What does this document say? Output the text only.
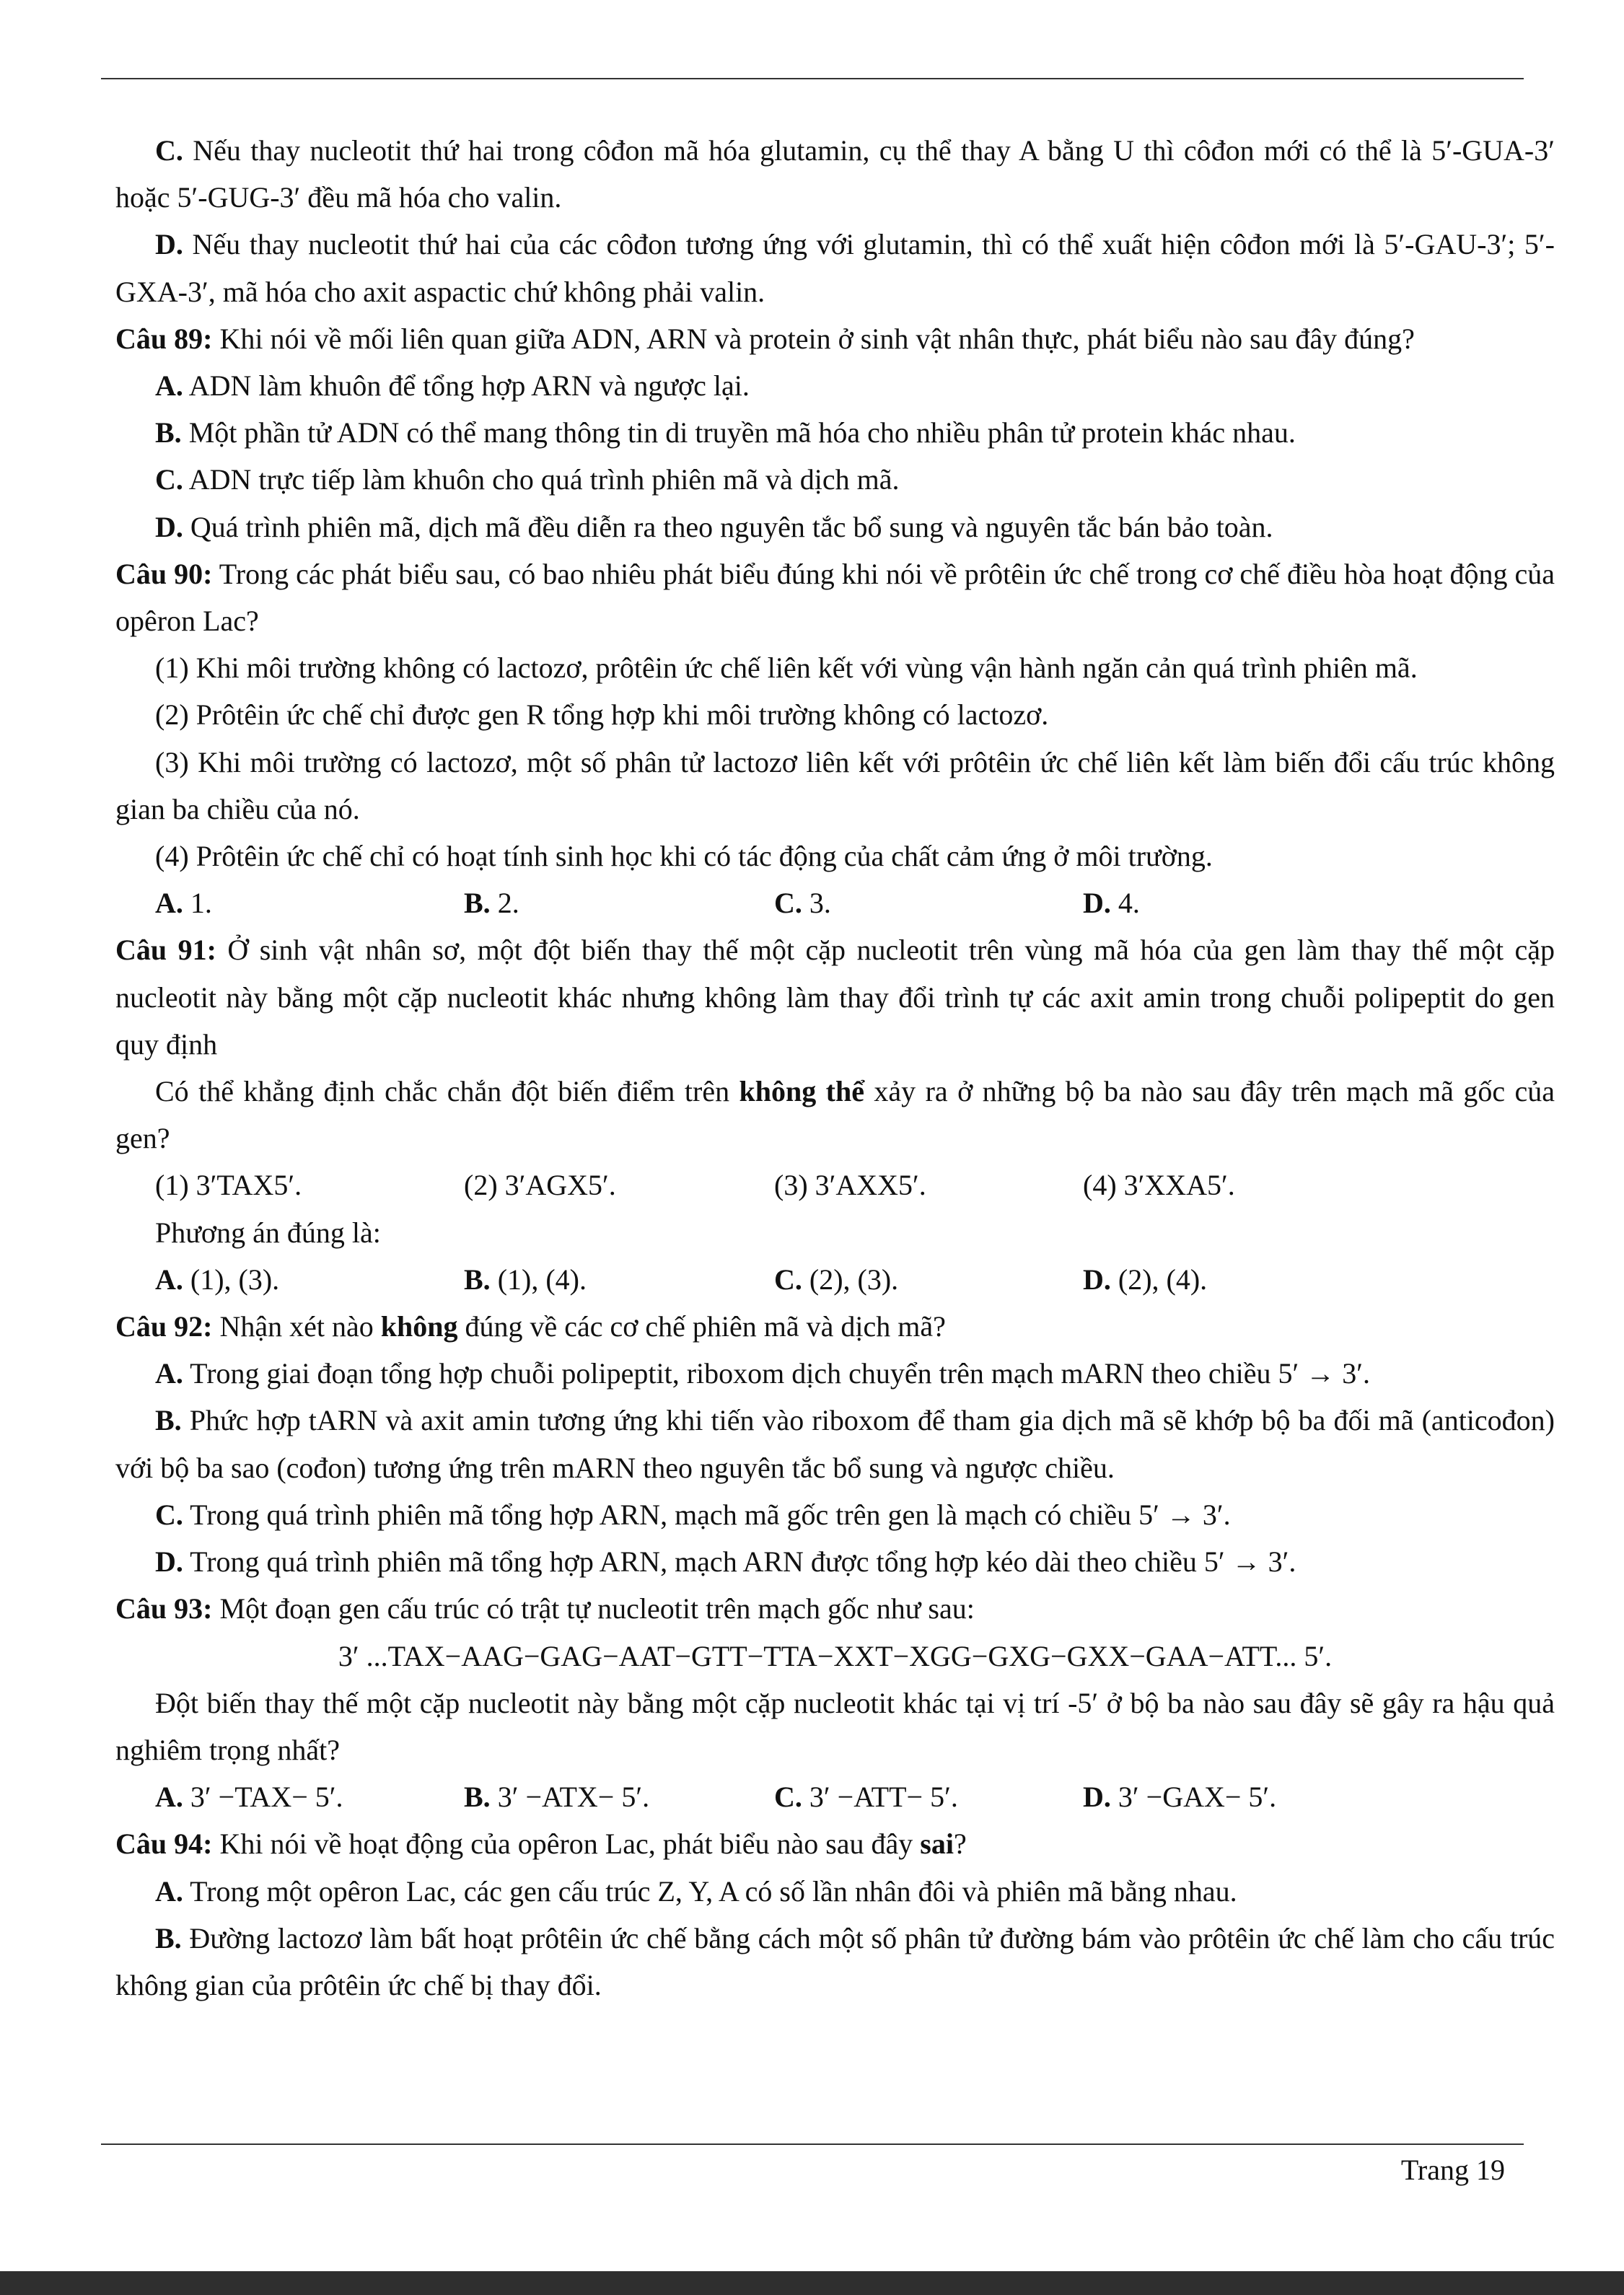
C. Nếu thay nucleotit thứ hai trong côđon mã hóa glutamin, cụ thể thay A bằng U thì côđon mới có thể là 5′-GUA-3′ hoặc 5′-GUG-3′ đều mã hóa cho valin.

D. Nếu thay nucleotit thứ hai của các côđon tương ứng với glutamin, thì có thể xuất hiện côđon mới là 5′-GAU-3′; 5′-GXA-3′, mã hóa cho axit aspactic chứ không phải valin.

Câu 89: Khi nói về mối liên quan giữa ADN, ARN và protein ở sinh vật nhân thực, phát biểu nào sau đây đúng?

A. ADN làm khuôn để tổng hợp ARN và ngược lại.

B. Một phần tử ADN có thể mang thông tin di truyền mã hóa cho nhiều phân tử protein khác nhau.

C. ADN trực tiếp làm khuôn cho quá trình phiên mã và dịch mã.

D. Quá trình phiên mã, dịch mã đều diễn ra theo nguyên tắc bổ sung và nguyên tắc bán bảo toàn.

Câu 90: Trong các phát biểu sau, có bao nhiêu phát biểu đúng khi nói về prôtêin ức chế trong cơ chế điều hòa hoạt động của opêron Lac?

(1) Khi môi trường không có lactozơ, prôtêin ức chế liên kết với vùng vận hành ngăn cản quá trình phiên mã.

(2) Prôtêin ức chế chỉ được gen R tổng hợp khi môi trường không có lactozơ.

(3) Khi môi trường có lactozơ, một số phân tử lactozơ liên kết với prôtêin ức chế liên kết làm biến đổi cấu trúc không gian ba chiều của nó.

(4) Prôtêin ức chế chỉ có hoạt tính sinh học khi có tác động của chất cảm ứng ở môi trường.

A. 1.	B. 2.	C. 3.	D. 4.

Câu 91: Ở sinh vật nhân sơ, một đột biến thay thế một cặp nucleotit trên vùng mã hóa của gen làm thay thế một cặp nucleotit này bằng một cặp nucleotit khác nhưng không làm thay đổi trình tự các axit amin trong chuỗi polipeptit do gen quy định

Có thể khẳng định chắc chắn đột biến điểm trên không thể xảy ra ở những bộ ba nào sau đây trên mạch mã gốc của gen?

(1) 3′TAX5′.	(2) 3′AGX5′.	(3) 3′AXX5′.	(4) 3′XXA5′.

Phương án đúng là:

A. (1), (3).	B. (1), (4).	C. (2), (3).	D. (2), (4).

Câu 92: Nhận xét nào không đúng về các cơ chế phiên mã và dịch mã?

A. Trong giai đoạn tổng hợp chuỗi polipeptit, riboxom dịch chuyển trên mạch mARN theo chiều 5′ → 3′.

B. Phức hợp tARN và axit amin tương ứng khi tiến vào riboxom để tham gia dịch mã sẽ khớp bộ ba đối mã (anticođon) với bộ ba sao (cođon) tương ứng trên mARN theo nguyên tắc bổ sung và ngược chiều.

C. Trong quá trình phiên mã tổng hợp ARN, mạch mã gốc trên gen là mạch có chiều 5′ → 3′.

D. Trong quá trình phiên mã tổng hợp ARN, mạch ARN được tổng hợp kéo dài theo chiều 5′ → 3′.

Câu 93: Một đoạn gen cấu trúc có trật tự nucleotit trên mạch gốc như sau:

3′ ...TAX−AAG−GAG−AAT−GTT−TTA−XXT−XGG−GXG−GXX−GAA−ATT... 5′.

Đột biến thay thế một cặp nucleotit này bằng một cặp nucleotit khác tại vị trí -5′ ở bộ ba nào sau đây sẽ gây ra hậu quả nghiêm trọng nhất?

A. 3′ −TAX− 5′.	B. 3′ −ATX− 5′.	C. 3′ −ATT− 5′.	D. 3′ −GAX− 5′.

Câu 94: Khi nói về hoạt động của opêron Lac, phát biểu nào sau đây sai?

A. Trong một opêron Lac, các gen cấu trúc Z, Y, A có số lần nhân đôi và phiên mã bằng nhau.

B. Đường lactozơ làm bất hoạt prôtêin ức chế bằng cách một số phân tử đường bám vào prôtêin ức chế làm cho cấu trúc không gian của prôtêin ức chế bị thay đổi.

Trang 19
